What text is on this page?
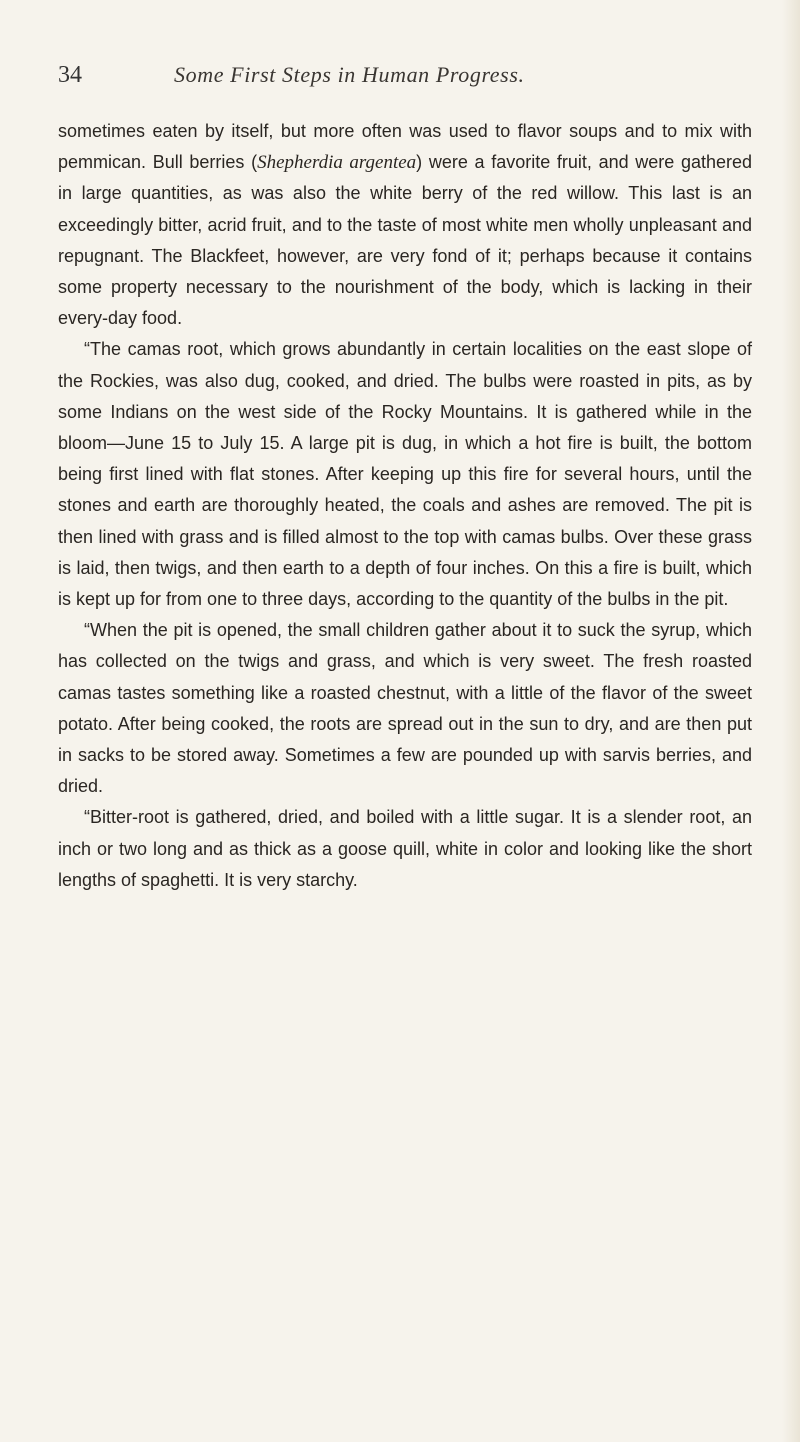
34	Some First Steps in Human Progress.

sometimes eaten by itself, but more often was used to flavor soups and to mix with pemmican. Bull berries (Shepherdia argentea) were a favorite fruit, and were gathered in large quantities, as was also the white berry of the red willow. This last is an exceedingly bitter, acrid fruit, and to the taste of most white men wholly unpleasant and repugnant. The Blackfeet, however, are very fond of it; perhaps because it contains some property necessary to the nourishment of the body, which is lacking in their every-day food.

“The camas root, which grows abundantly in certain localities on the east slope of the Rockies, was also dug, cooked, and dried. The bulbs were roasted in pits, as by some Indians on the west side of the Rocky Mountains. It is gathered while in the bloom—June 15 to July 15. A large pit is dug, in which a hot fire is built, the bottom being first lined with flat stones. After keeping up this fire for several hours, until the stones and earth are thoroughly heated, the coals and ashes are removed. The pit is then lined with grass and is filled almost to the top with camas bulbs. Over these grass is laid, then twigs, and then earth to a depth of four inches. On this a fire is built, which is kept up for from one to three days, according to the quantity of the bulbs in the pit.

“When the pit is opened, the small children gather about it to suck the syrup, which has collected on the twigs and grass, and which is very sweet. The fresh roasted camas tastes something like a roasted chestnut, with a little of the flavor of the sweet potato. After being cooked, the roots are spread out in the sun to dry, and are then put in sacks to be stored away. Sometimes a few are pounded up with sarvis berries, and dried.

“Bitter-root is gathered, dried, and boiled with a little sugar. It is a slender root, an inch or two long and as thick as a goose quill, white in color and looking like the short lengths of spaghetti. It is very starchy.
